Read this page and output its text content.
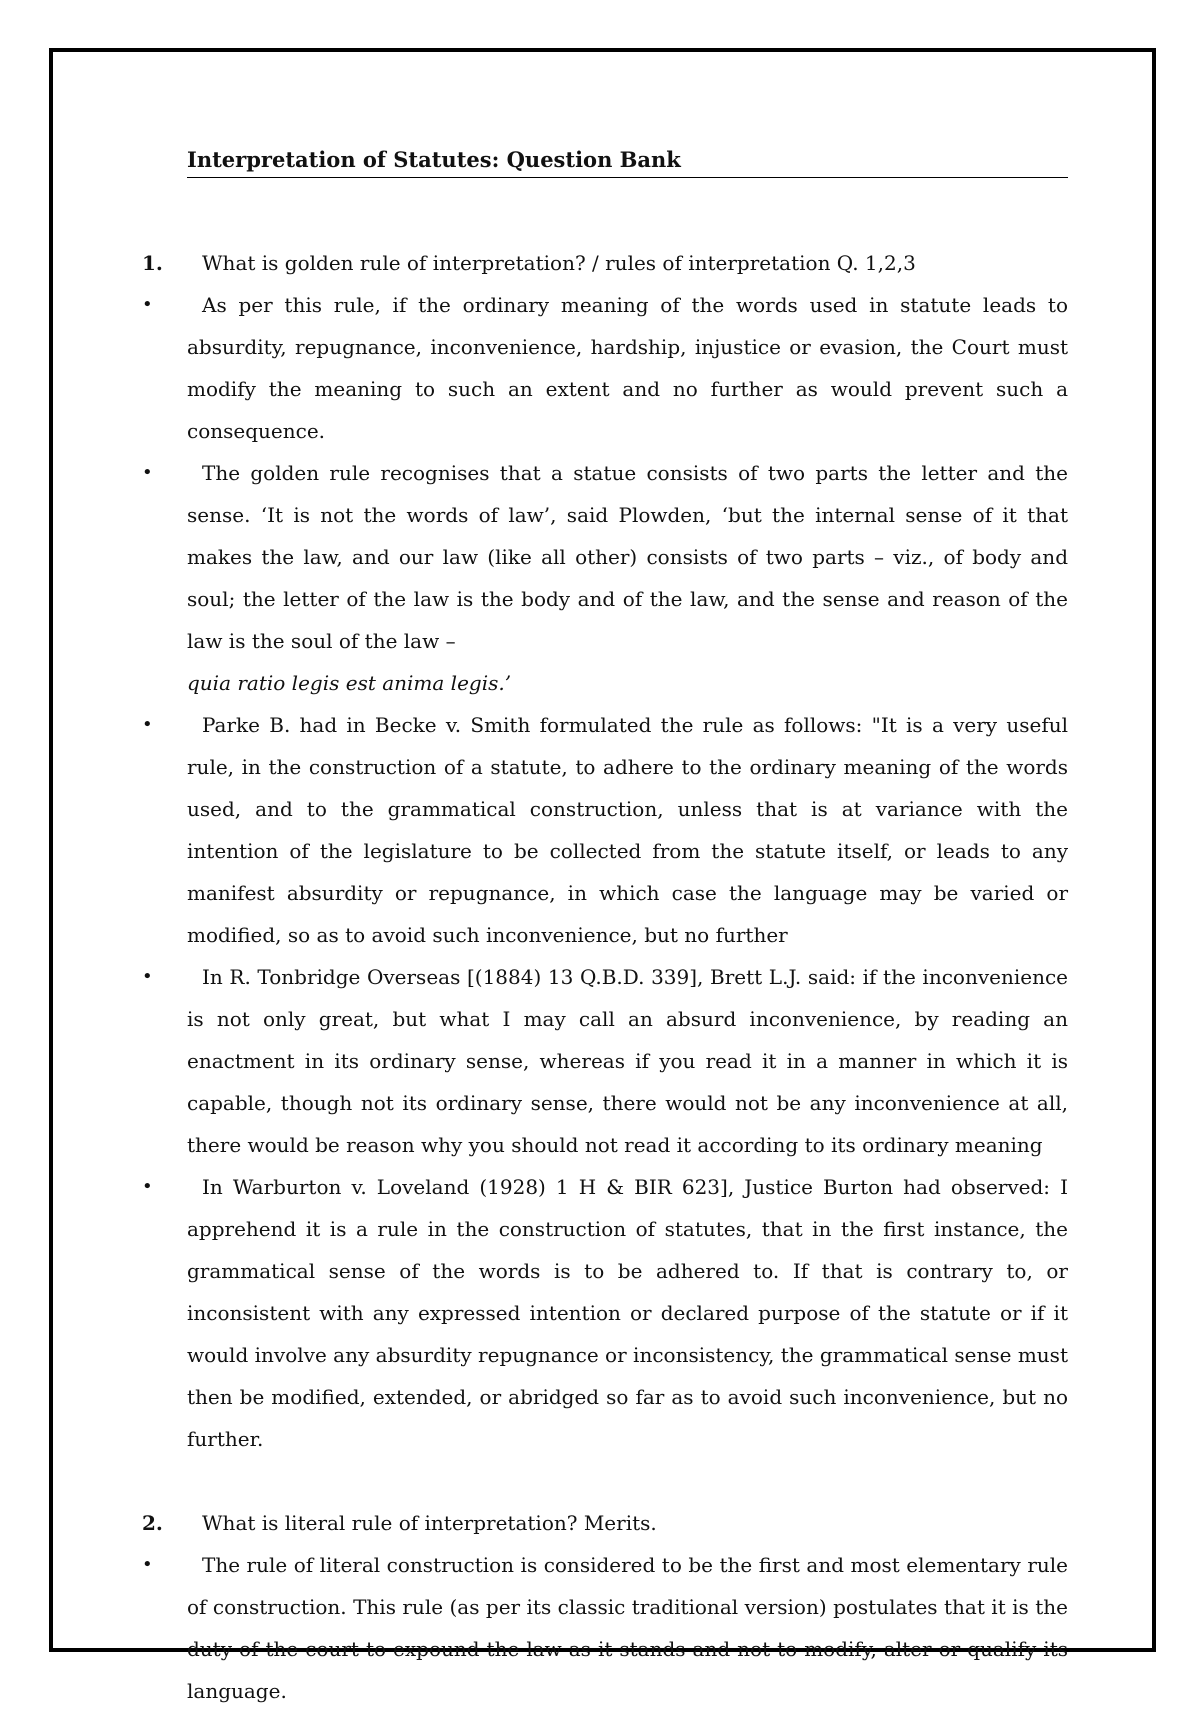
Interpretation of Statutes: Question Bank
1.	What is golden rule of interpretation? / rules of interpretation Q. 1,2,3
•	As per this rule, if the ordinary meaning of the words used in statute leads to absurdity, repugnance, inconvenience, hardship, injustice or evasion, the Court must modify the meaning to such an extent and no further as would prevent such a consequence.
•	The golden rule recognises that a statue consists of two parts the letter and the sense. ‘It is not the words of law’, said Plowden, ‘but the internal sense of it that makes the law, and our law (like all other) consists of two parts – viz., of body and soul; the letter of the law is the body and of the law, and the sense and reason of the law is the soul of the law –
quia ratio legis est anima legis.’
•	Parke B. had in Becke v. Smith formulated the rule as follows: "It is a very useful rule, in the construction of a statute, to adhere to the ordinary meaning of the words used, and to the grammatical construction, unless that is at variance with the intention of the legislature to be collected from the statute itself, or leads to any manifest absurdity or repugnance, in which case the language may be varied or modified, so as to avoid such inconvenience, but no further
•	In R. Tonbridge Overseas [(1884) 13 Q.B.D. 339], Brett L.J. said: if the inconvenience is not only great, but what I may call an absurd inconvenience, by reading an enactment in its ordinary sense, whereas if you read it in a manner in which it is capable, though not its ordinary sense, there would not be any inconvenience at all, there would be reason why you should not read it according to its ordinary meaning
•	In Warburton v. Loveland (1928) 1 H & BIR 623], Justice Burton had observed: I apprehend it is a rule in the construction of statutes, that in the first instance, the grammatical sense of the words is to be adhered to. If that is contrary to, or inconsistent with any expressed intention or declared purpose of the statute or if it would involve any absurdity repugnance or inconsistency, the grammatical sense must then be modified, extended, or abridged so far as to avoid such inconvenience, but no further.
2.	What is literal rule of interpretation? Merits.
•	The rule of literal construction is considered to be the first and most elementary rule of construction. This rule (as per its classic traditional version) postulates that it is the duty of the court to expound the law as it stands and not to modify, alter or qualify its language.
